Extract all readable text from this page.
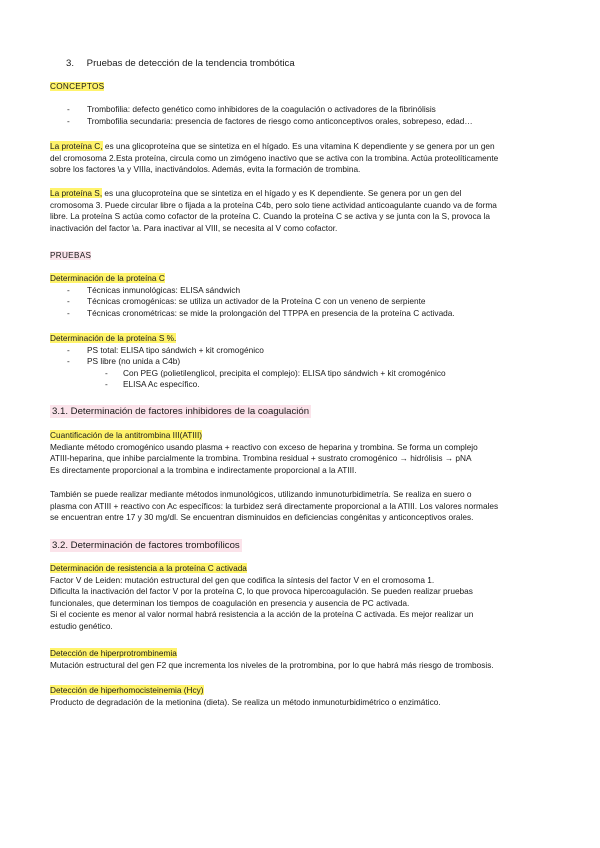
3. Pruebas de detección de la tendencia trombótica
CONCEPTOS
- Trombofilia: defecto genético como inhibidores de la coagulación o activadores de la fibrinólisis
- Trombofilia secundaria: presencia de factores de riesgo como anticonceptivos orales, sobrepeso, edad…

La proteína C, es una glicoproteína que se sintetiza en el hígado. Es una vitamina K dependiente y se genera por un gen

del cromosoma 2.Esta proteína, circula como un zimógeno inactivo que se activa con la trombina. Actúa proteolíticamente

sobre los factores \a y VIIIa, inactivándolos. Además, evita la formación de trombina.

La proteína S, es una glucoproteína que se sintetiza en el hígado y es K dependiente. Se genera por un gen del

cromosoma 3. Puede circular libre o fijada a la proteína C4b, pero solo tiene actividad anticoagulante cuando va de forma

libre. La proteína S actúa como cofactor de la proteína C. Cuando la proteína C se activa y se junta con la S, provoca la

inactivación del factor \a. Para inactivar al VIII, se necesita al V como cofactor.

PRUEBAS
Determinación de la proteína C
- Técnicas inmunológicas: ELISA sándwich
- Técnicas cromogénicas: se utiliza un activador de la Proteína C con un veneno de serpiente
- Técnicas cronométricas: se mide la prolongación del TTPPA en presencia de la proteína C activada.
Determinación de la proteína S %.
- PS total: ELISA tipo sándwich + kit cromogénico
- PS libre (no unida a C4b)
- Con PEG (polietilenglicol, precipita el complejo): ELISA tipo sándwich + kit cromogénico
- ELISA Ac específico.
3.1. Determinación de factores inhibidores de la coagulación
Cuantificación de la antitrombina III(ATIII)

Mediante método cromogénico usando plasma + reactivo con exceso de heparina y trombina. Se forma un complejo

ATIII-heparina, que inhibe parcialmente la trombina. Trombina residual + sustrato cromogénico → hidrólisis → pNA

Es directamente proporcional a la trombina e indirectamente proporcional a la ATIII.

También se puede realizar mediante métodos inmunológicos, utilizando inmunoturbidimetría. Se realiza en suero o

plasma con ATIII + reactivo con Ac específicos: la turbidez será directamente proporcional a la ATIII. Los valores normales

se encuentran entre 17 y 30 mg/dl. Se encuentran disminuidos en deficiencias congénitas y anticonceptivos orales.

3.2. Determinación de factores trombofílicos
Determinación de resistencia a la proteína C activada

Factor V de Leiden: mutación estructural del gen que codifica la síntesis del factor V en el cromosoma 1.

Dificulta la inactivación del factor V por la proteína C, lo que provoca hipercoagulación. Se pueden realizar pruebas

funcionales, que determinan los tiempos de coagulación en presencia y ausencia de PC activada.

Si el cociente es menor al valor normal habrá resistencia a la acción de la proteína C activada. Es mejor realizar un

estudio genético.

Detección de hiperprotrombinemia

Mutación estructural del gen F2 que incrementa los niveles de la protrombina, por lo que habrá más riesgo de trombosis.

Detección de hiperhomocisteinemia (Hcy)

Producto de degradación de la metionina (dieta). Se realiza un método inmunoturbidimétrico o enzimático.
